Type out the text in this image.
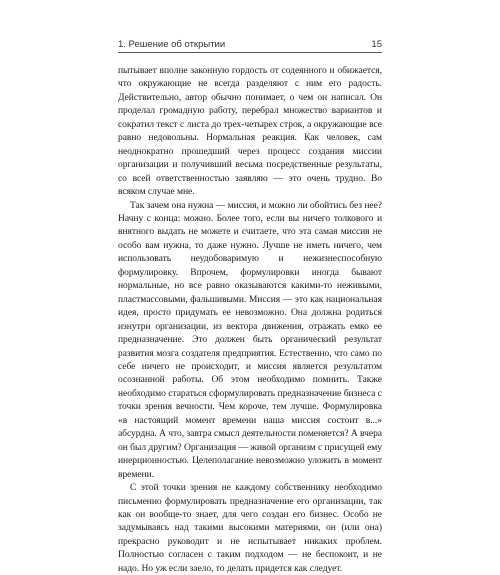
1. Решение об открытии	15

пытывает вполне законную гордость от содеянного и обижается, что окружающие не всегда разделяют с ним его радость. Действительно, автор обычно понимает, о чем он написал. Он проделал громадную работу, перебрал множество вариантов и сократил текст с листа до трех-четырех строк, а окружающие все равно недовольны. Нормальная реакция. Как человек, сам неоднократно прошедший через процесс создания миссии организации и получивший весьма посредственные результаты, со всей ответственностью заявляю — это очень трудно. Во всяком случае мне.

Так зачем она нужна — миссия, и можно ли обойтись без нее? Начну с конца: можно. Более того, если вы ничего толкового и внятного выдать не можете и считаете, что эта самая миссия не особо вам нужна, то даже нужно. Лучше не иметь ничего, чем использовать неудобоваримую и нежизнеспособную формулировку. Впрочем, формулировки иногда бывают нормальные, но все равно оказываются какими-то неживыми, пластмассовыми, фальшивыми. Миссия — это как национальная идея, просто придумать ее невозможно. Она должна родиться изнутри организации, из вектора движения, отражать емко ее предназначение. Это должен быть органический результат развития мозга создателя предприятия. Естественно, что само по себе ничего не происходит, и миссия является результатом осознанной работы. Об этом необходимо помнить. Также необходимо стараться сформулировать предназначение бизнеса с точки зрения вечности. Чем короче, тем лучше. Формулировка «в настоящий момент времени наша миссия состоит в...» абсурдна. А что, завтра смысл деятельности поменяется? А вчера он был другим? Организация — живой организм с присущей ему инерционностью. Целеполагание невозможно уложить в момент времени.

С этой точки зрения не каждому собственнику необходимо письменно формулировать предназначение его организации, так как он вообще-то знает, для чего создан его бизнес. Особо не задумываясь над такими высокими материями, он (или она) прекрасно руководит и не испытывает никаких проблем. Полностью согласен с таким подходом — не беспокоит, и не надо. Но уж если заело, то делать придется как следует.
